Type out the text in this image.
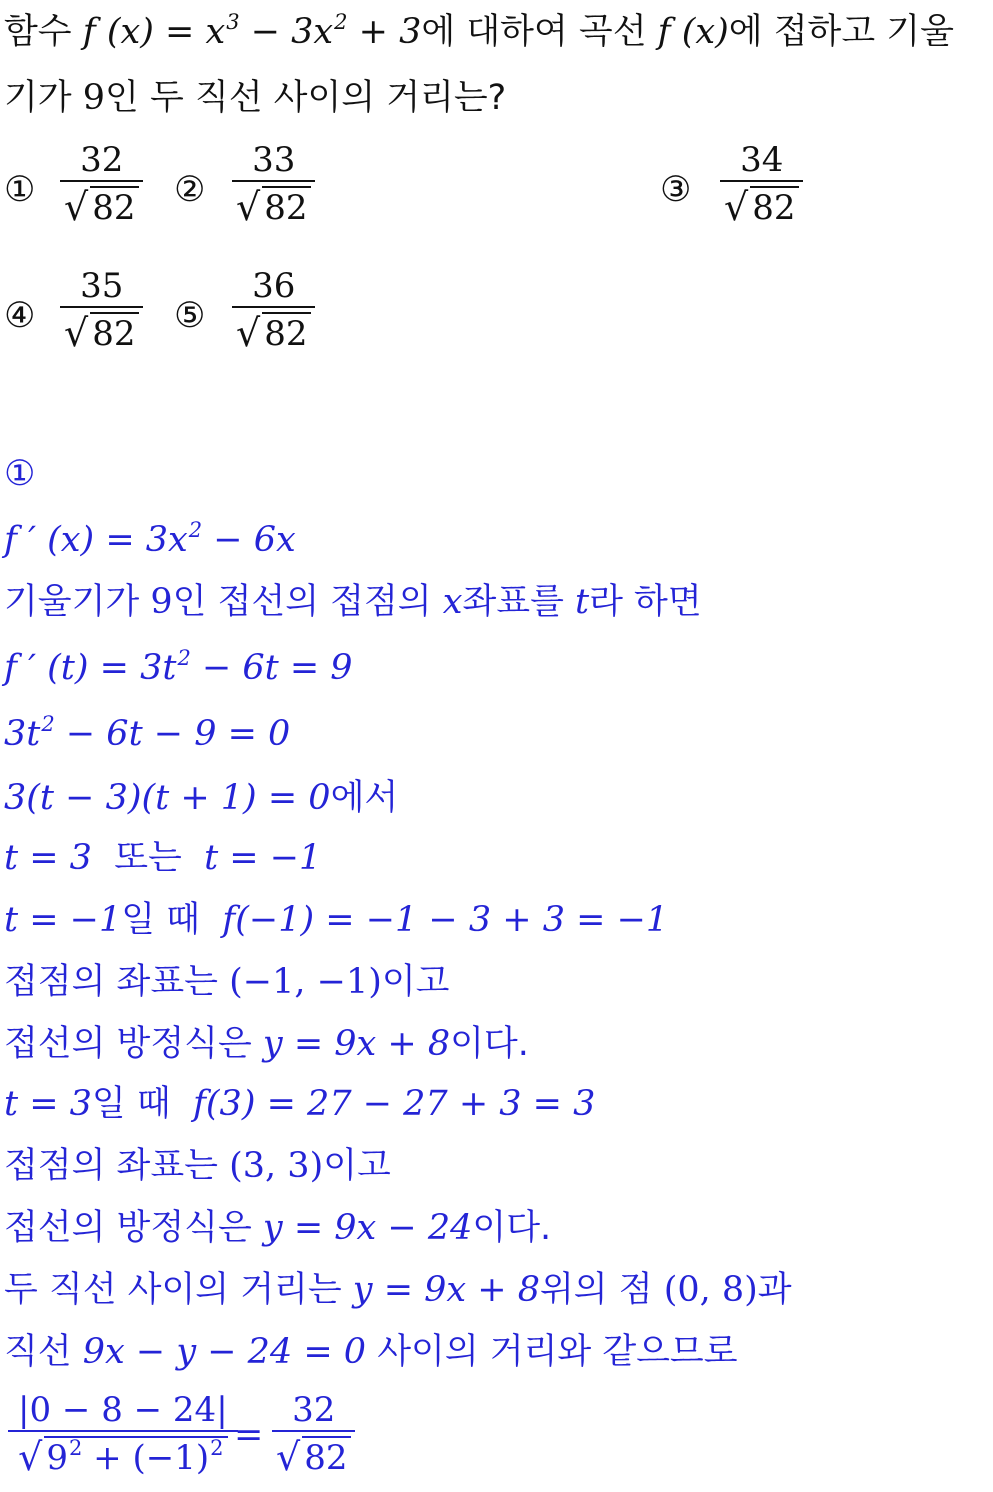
함수 f $(x) = x^3 - 3x^2 + 3$에 대하여 곡선 f (x)에 접하고 기울
기가 9인 두 직선 사이의 거리는?
①
32
√ 82 ②
33
√ 82	③
34
√ 82
④
35
√ 82 ⑤
36
√ 82
①
f ′ $(x) = 3x^2 - 6x$
기울기가 9인 접선의 접점의 x좌표를 t라 하면
f ′ $(t) = 3t^2 - 6t = 9$
$3t^2 - 6t - 9 = 0$
3(t − 3)(t + 1) = 0에서
t = 3 또는 t = −1
t = −1일 때 f(−1) = −1 − 3 + 3 = −1
접점의 좌표는 (−1, −1)이고
접선의 방정식은 y = 9x + 8이다.
t = 3일 때 f(3) = 27 − 27 + 3 = 3
접점의 좌표는 (3, 3)이고
접선의 방정식은 y = 9x − 24이다.
두 직선 사이의 거리는 y = 9x + 8위의 점 (0, 8)과
직선 9x − y − 24 = 0 사이의 거리와 같으므로
|0 − 8 − 24|
√ $9^2 + (-1)^2$ =
32
√ 82
